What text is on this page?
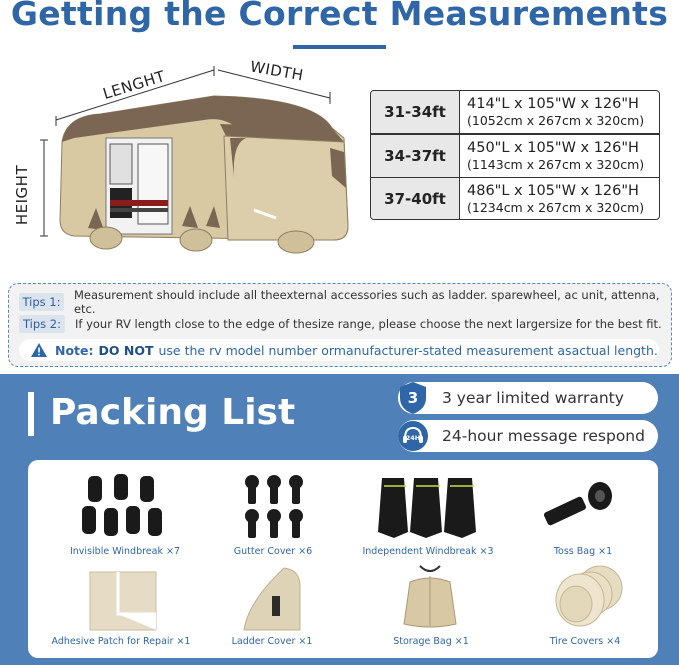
Getting the Correct Measurements
LENGHT	WIDTH
HEIGHT
31-34ft	414"L x 105"W x 126"H
(1052cm x 267cm x 320cm)
34-37ft	450"L x 105"W x 126"H
(1143cm x 267cm x 320cm)
37-40ft	486"L x 105"W x 126"H
(1234cm x 267cm x 320cm)
Tips 1:	Measurement should include all theexternal accessories such as ladder. sparewheel, ac unit, attenna, etc.
Tips 2:	If your RV length close to the edge of thesize range, please choose the next largersize for the best fit.
Note: DO NOT use the rv model number ormanufacturer-stated measurement asactual length.
Packing List	3 3 year limited warranty
24H 24-hour message respond
Invisible Windbreak ×7	Gutter Cover ×6	Independent Windbreak ×3	Toss Bag ×1
Adhesive Patch for Repair ×1	Ladder Cover ×1	Storage Bag ×1	Tire Covers ×4
